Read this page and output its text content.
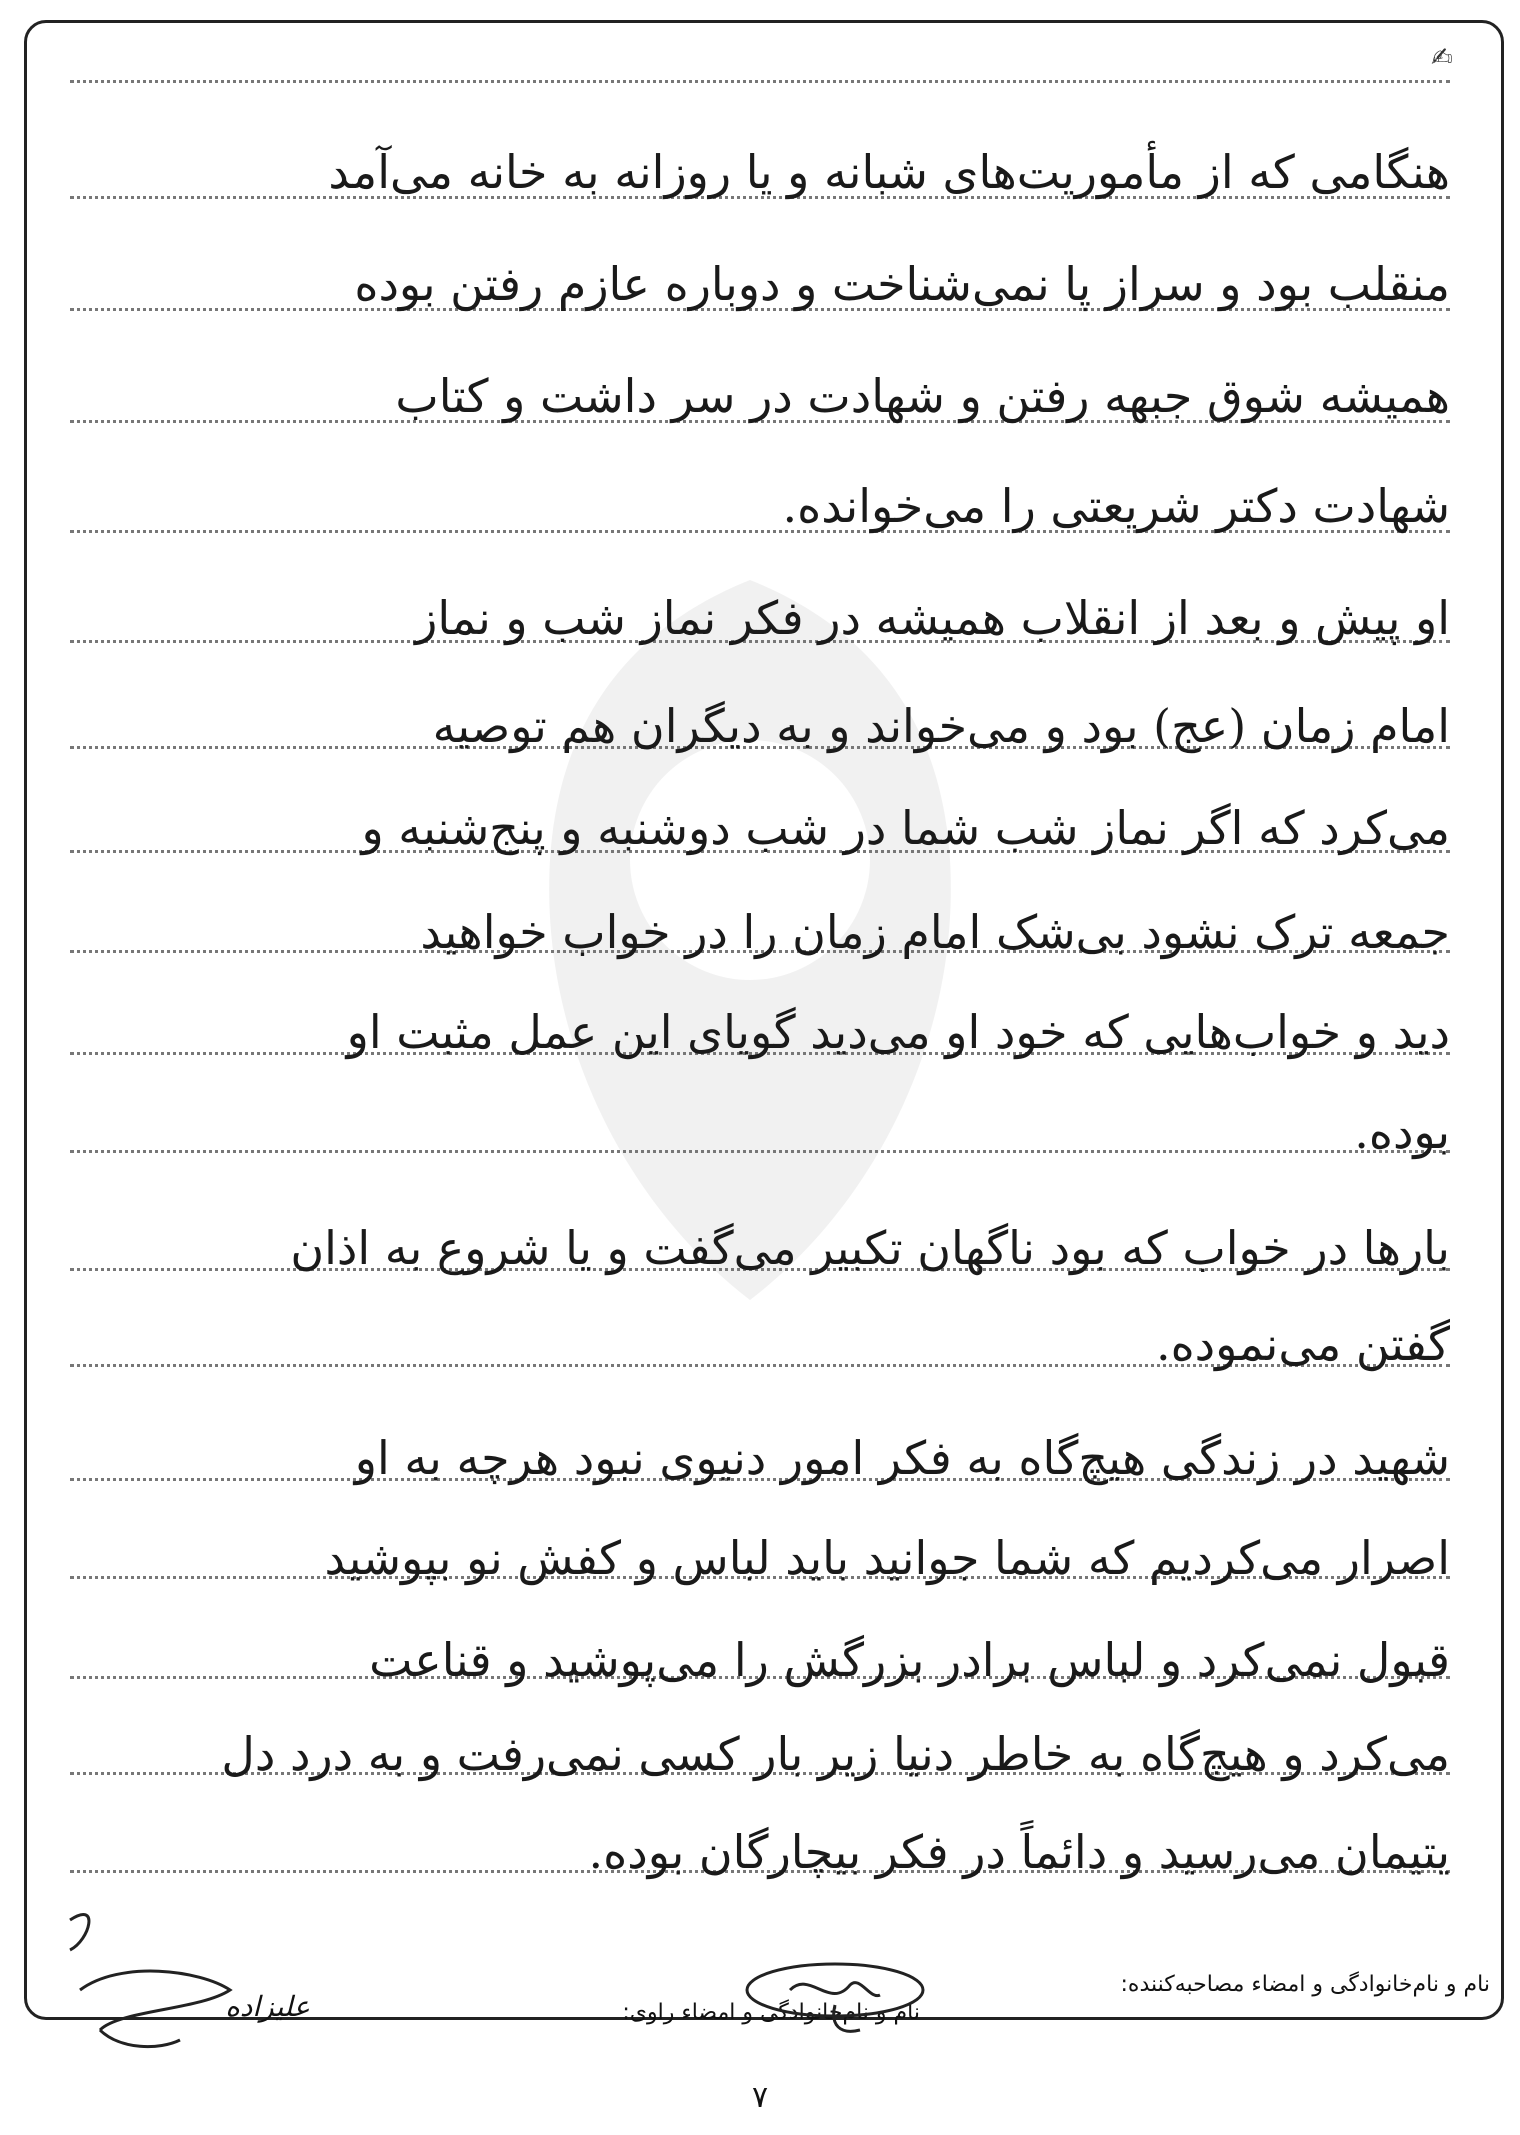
✍
هنگامی که از مأموریت‌های شبانه و یا روزانه به خانه می‌آمد
منقلب بود و سراز پا نمی‌شناخت و دوباره عازم رفتن بوده
همیشه شوق جبهه رفتن و شهادت در سر داشت و کتاب
شهادت دکتر شریعتی را می‌خوانده.
او پیش و بعد از انقلاب همیشه در فکر نماز شب و نماز
امام زمان (عج) بود و می‌خواند و به دیگران هم توصیه
می‌کرد که اگر نماز شب شما در شب دوشنبه و پنج‌شنبه و
جمعه ترک نشود بی‌شک امام زمان را در خواب خواهید
دید و خواب‌هایی که خود او می‌دید گویای این عمل مثبت او
بوده.
بارها در خواب که بود ناگهان تکبیر می‌گفت و یا شروع به اذان
گفتن می‌نموده.
شهید در زندگی هیچ‌گاه به فکر امور دنیوی نبود هرچه به او
اصرار می‌کردیم که شما جوانید باید لباس و کفش نو بپوشید
قبول نمی‌کرد و لباس برادر بزرگش را می‌پوشید و قناعت
می‌کرد و هیچ‌گاه به خاطر دنیا زیر بار کسی نمی‌رفت و به درد دل
یتیمان می‌رسید و دائماً در فکر بیچارگان بوده.
نام و نام‌خانوادگی و امضاء مصاحبه‌کننده:
نام و نام‌خانوادگی و امضاء راوی:
علیزاده
۷
